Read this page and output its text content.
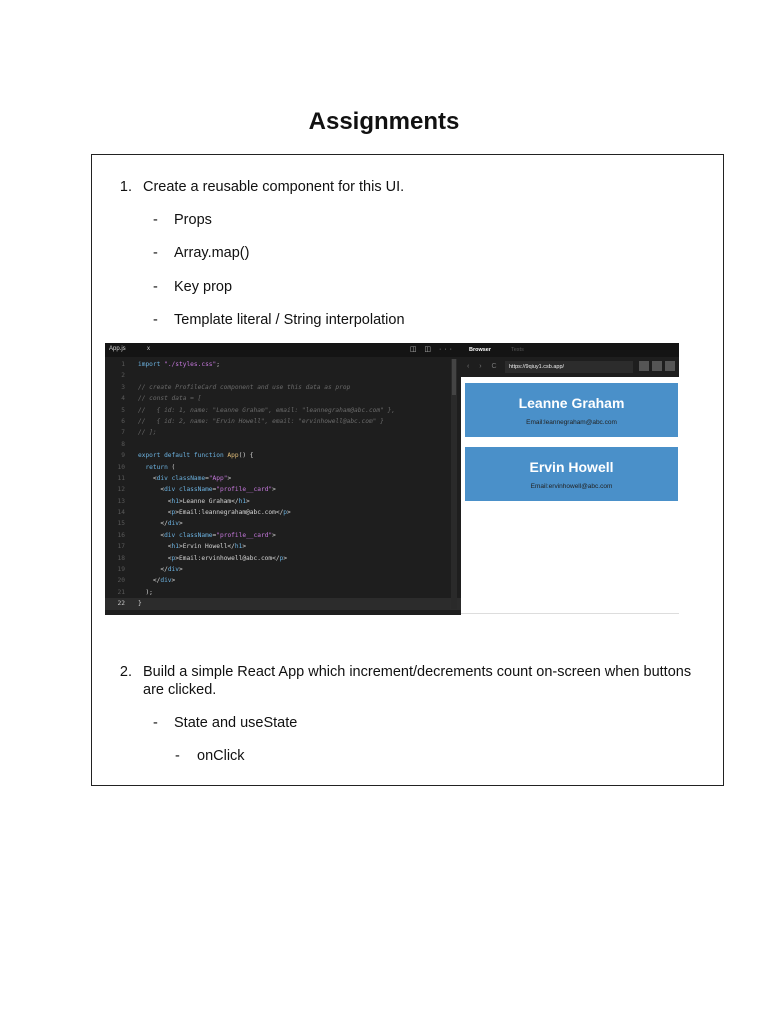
Assignments
1. Create a reusable component for this UI.
- Props
- Array.map()
- Key prop
- Template literal / String interpolation
App.js	x	◫ ◫ ···
1 import "./styles.css";
2
3 // create ProfileCard component and use this data as prop
4 // const data = [
5 //   { id: 1, name: "Leanne Graham", email: "leannegraham@abc.com" },
6 //   { id: 2, name: "Ervin Howell", email: "ervinhowell@abc.com" }
7 // ];
8
9 export default function App() {
10	return (
11 <div className="App">
12 <div className="profile__card">
13 <h1>Leanne Graham</h1>
14 <p>Email:leannegraham@abc.com</p>
15 </div>
16 <div className="profile__card">
17 <h1>Ervin Howell</h1>
18 <p>Email:ervinhowell@abc.com</p>
19 </div>
20 </div>
21 );
22 }
Browser	Tests
‹ › C	https://9qiuy1.csb.app/
Leanne Graham
Email:leannegraham@abc.com
Ervin Howell
Email:ervinhowell@abc.com
2. Build a simple React App which increment/decrements count on-screen when buttons
are clicked.
- State and useState
- onClick
